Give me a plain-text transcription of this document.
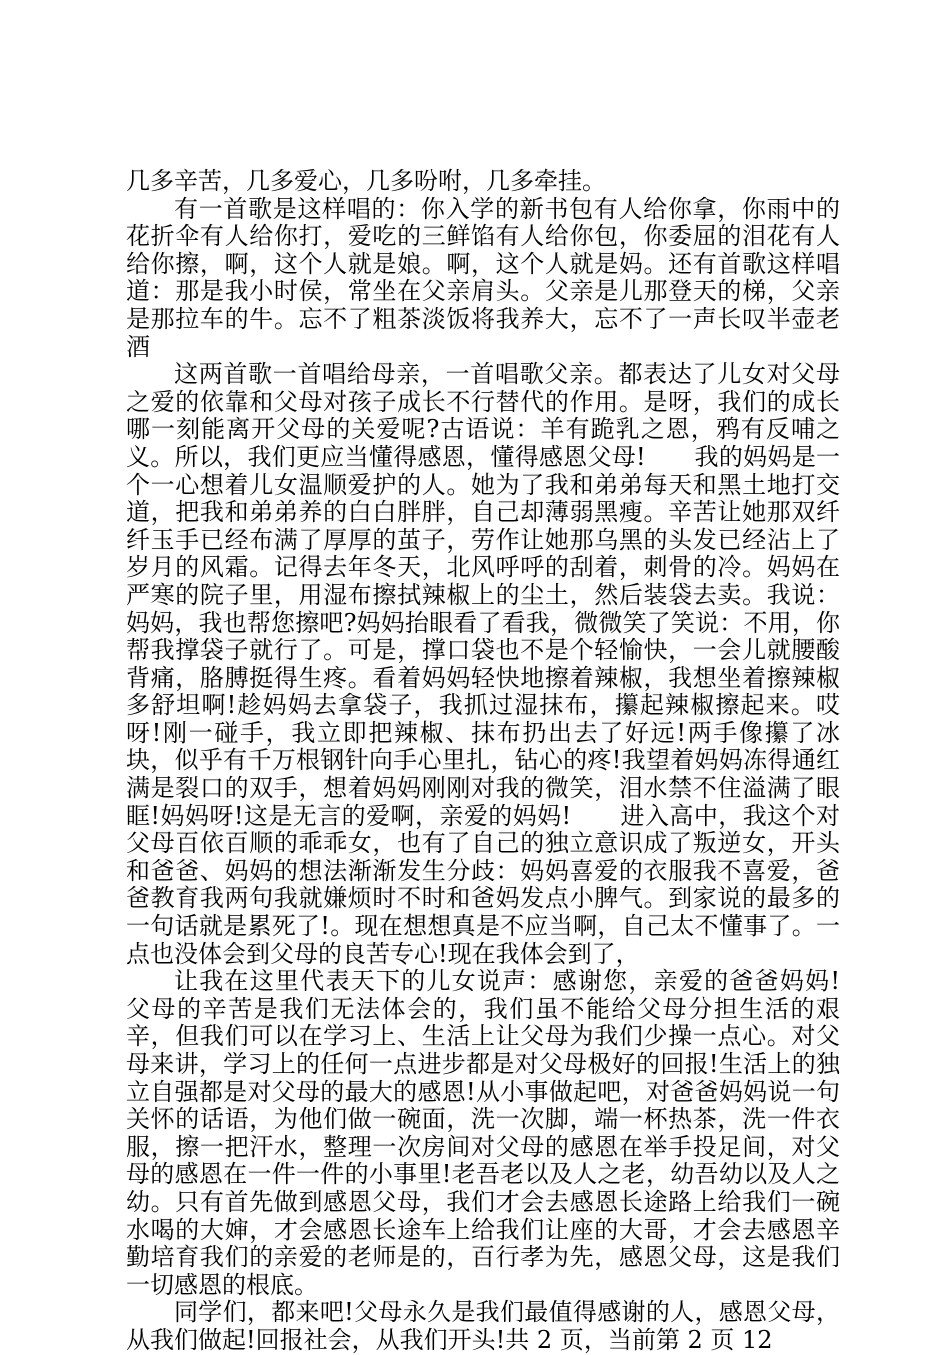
几多辛苦，几多爱心，几多吩咐，几多牵挂。

有一首歌是这样唱的：你入学的新书包有人给你拿，你雨中的花折伞有人给你打，爱吃的三鲜馅有人给你包，你委屈的泪花有人给你擦，啊，这个人就是娘。啊，这个人就是妈。还有首歌这样唱道：那是我小时侯，常坐在父亲肩头。父亲是儿那登天的梯，父亲是那拉车的牛。忘不了粗茶淡饭将我养大，忘不了一声长叹半壶老酒

这两首歌一首唱给母亲，一首唱歌父亲。都表达了儿女对父母之爱的依靠和父母对孩子成长不行替代的作用。是呀，我们的成长哪一刻能离开父母的关爱呢?古语说：羊有跪乳之恩，鸦有反哺之义。所以，我们更应当懂得感恩，懂得感恩父母!　　我的妈妈是一个一心想着儿女温顺爱护的人。她为了我和弟弟每天和黑土地打交道，把我和弟弟养的白白胖胖，自己却薄弱黑瘦。辛苦让她那双纤纤玉手已经布满了厚厚的茧子，劳作让她那乌黑的头发已经沾上了岁月的风霜。记得去年冬天，北风呼呼的刮着，刺骨的冷。妈妈在严寒的院子里，用湿布擦拭辣椒上的尘土，然后装袋去卖。我说：妈妈，我也帮您擦吧?妈妈抬眼看了看我，微微笑了笑说：不用，你帮我撑袋子就行了。可是，撑口袋也不是个轻愉快，一会儿就腰酸背痛，胳膊挺得生疼。看着妈妈轻快地擦着辣椒，我想坐着擦辣椒多舒坦啊!趁妈妈去拿袋子，我抓过湿抹布，攥起辣椒擦起来。哎呀!刚一碰手，我立即把辣椒、抹布扔出去了好远!两手像攥了冰块，似乎有千万根钢针向手心里扎，钻心的疼!我望着妈妈冻得通红满是裂口的双手，想着妈妈刚刚对我的微笑，泪水禁不住溢满了眼眶!妈妈呀!这是无言的爱啊，亲爱的妈妈!　　进入高中，我这个对父母百依百顺的乖乖女，也有了自己的独立意识成了叛逆女，开头和爸爸、妈妈的想法渐渐发生分歧：妈妈喜爱的衣服我不喜爱，爸爸教育我两句我就嫌烦时不时和爸妈发点小脾气。到家说的最多的一句话就是累死了!。现在想想真是不应当啊，自己太不懂事了。一点也没体会到父母的良苦专心!现在我体会到了，

让我在这里代表天下的儿女说声：感谢您，亲爱的爸爸妈妈!　　父母的辛苦是我们无法体会的，我们虽不能给父母分担生活的艰辛，但我们可以在学习上、生活上让父母为我们少操一点心。对父母来讲，学习上的任何一点进步都是对父母极好的回报!生活上的独立自强都是对父母的最大的感恩!从小事做起吧，对爸爸妈妈说一句关怀的话语，为他们做一碗面，洗一次脚，端一杯热茶，洗一件衣服，擦一把汗水，整理一次房间对父母的感恩在举手投足间，对父母的感恩在一件一件的小事里!老吾老以及人之老，幼吾幼以及人之幼。只有首先做到感恩父母，我们才会去感恩长途路上给我们一碗水喝的大婶，才会感恩长途车上给我们让座的大哥，才会去感恩辛勤培育我们的亲爱的老师是的，百行孝为先，感恩父母，这是我们一切感恩的根底。

同学们，都来吧!父母永久是我们最值得感谢的人，感恩父母，从我们做起!回报社会，从我们开头!共 2 页，当前第 2 页 12
